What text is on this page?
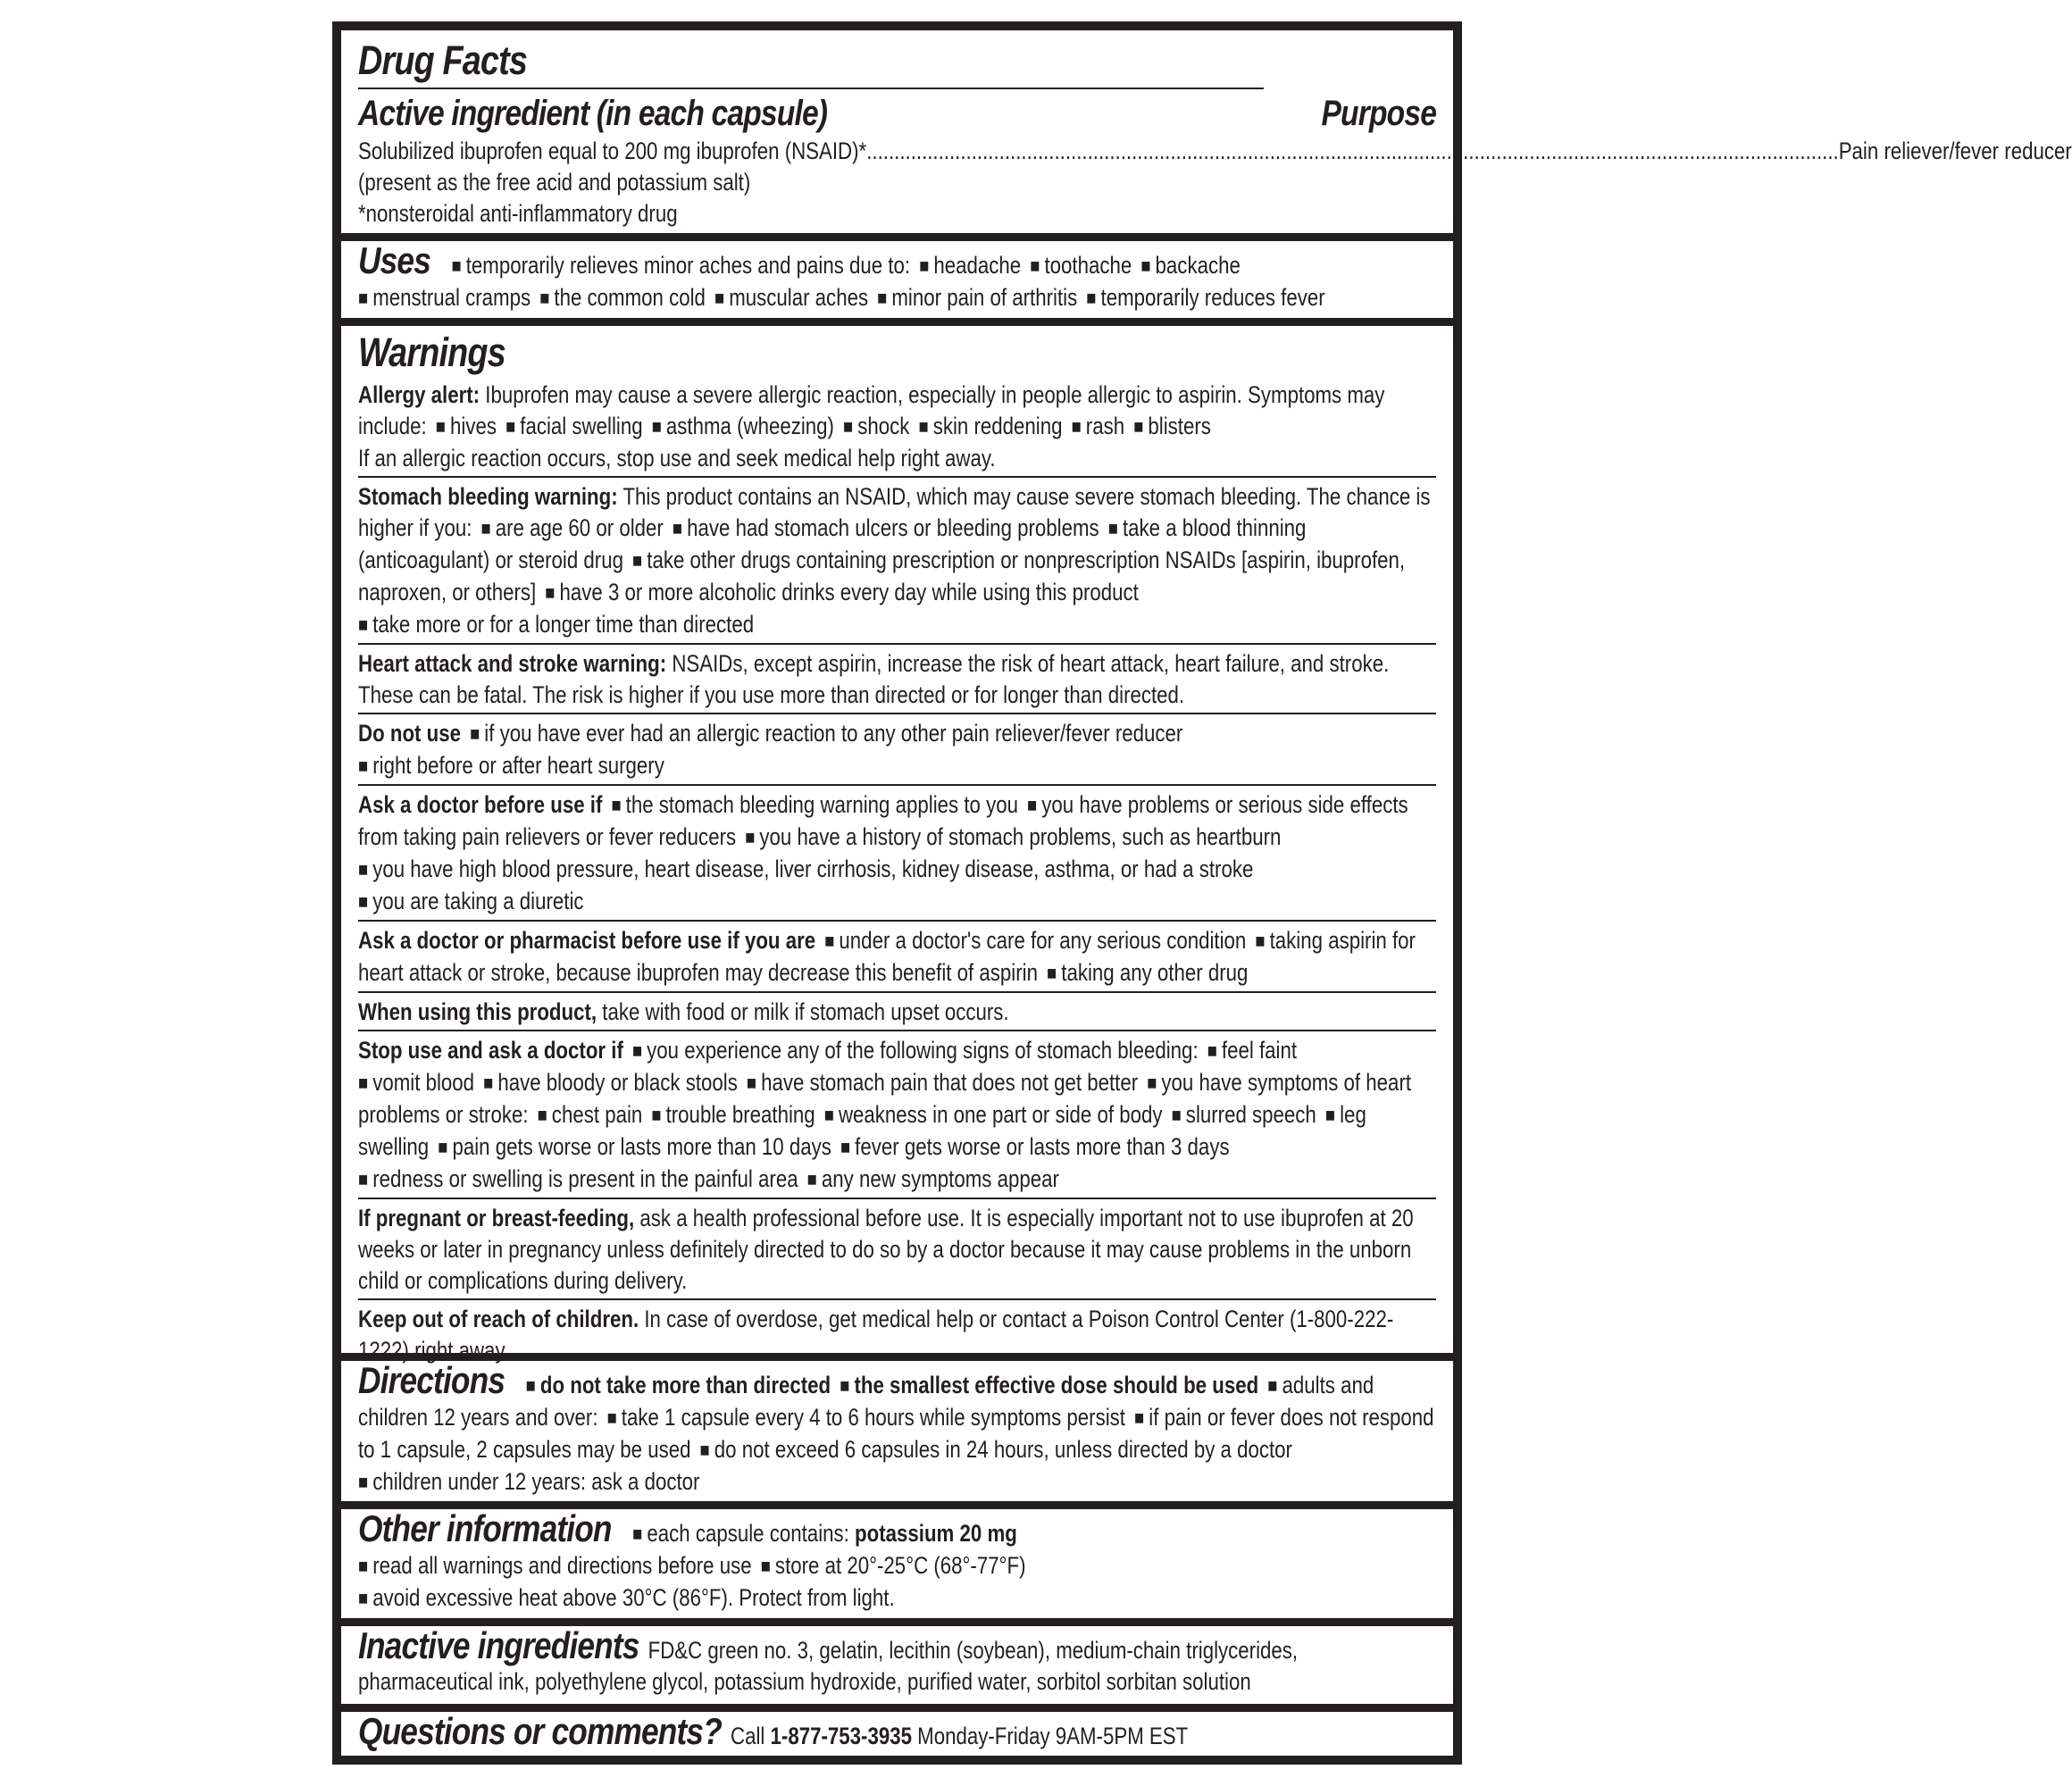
Drug Facts
Active ingredient (in each capsule)	Purpose
Solubilized ibuprofen equal to 200 mg ibuprofen (NSAID)* ................................................................................................................................................................................ Pain reliever/fever reducer
(present as the free acid and potassium salt)
*nonsteroidal anti-inflammatory drug
Uses ■ temporarily relieves minor aches and pains due to: ■ headache ■ toothache ■ backache
■ menstrual cramps ■ the common cold ■ muscular aches ■ minor pain of arthritis ■ temporarily reduces fever
Warnings
Allergy alert: Ibuprofen may cause a severe allergic reaction, especially in people allergic to aspirin. Symptoms may include: ■ hives ■ facial swelling ■ asthma (wheezing) ■ shock ■ skin reddening ■ rash ■ blisters
If an allergic reaction occurs, stop use and seek medical help right away.
Stomach bleeding warning: This product contains an NSAID, which may cause severe stomach bleeding. The chance is higher if you: ■ are age 60 or older ■ have had stomach ulcers or bleeding problems ■ take a blood thinning (anticoagulant) or steroid drug ■ take other drugs containing prescription or nonprescription NSAIDs [aspirin, ibuprofen, naproxen, or others] ■ have 3 or more alcoholic drinks every day while using this product
■ take more or for a longer time than directed
Heart attack and stroke warning: NSAIDs, except aspirin, increase the risk of heart attack, heart failure, and stroke. These can be fatal. The risk is higher if you use more than directed or for longer than directed.
Do not use ■ if you have ever had an allergic reaction to any other pain reliever/fever reducer
■ right before or after heart surgery
Ask a doctor before use if ■ the stomach bleeding warning applies to you ■ you have problems or serious side effects from taking pain relievers or fever reducers ■ you have a history of stomach problems, such as heartburn
■ you have high blood pressure, heart disease, liver cirrhosis, kidney disease, asthma, or had a stroke
■ you are taking a diuretic
Ask a doctor or pharmacist before use if you are ■ under a doctor's care for any serious condition ■ taking aspirin for heart attack or stroke, because ibuprofen may decrease this benefit of aspirin ■ taking any other drug
When using this product, take with food or milk if stomach upset occurs.
Stop use and ask a doctor if ■ you experience any of the following signs of stomach bleeding: ■ feel faint
■ vomit blood ■ have bloody or black stools ■ have stomach pain that does not get better ■ you have symptoms of heart problems or stroke: ■ chest pain ■ trouble breathing ■ weakness in one part or side of body ■ slurred speech ■ leg swelling ■ pain gets worse or lasts more than 10 days ■ fever gets worse or lasts more than 3 days
■ redness or swelling is present in the painful area ■ any new symptoms appear
If pregnant or breast-feeding, ask a health professional before use. It is especially important not to use ibuprofen at 20 weeks or later in pregnancy unless definitely directed to do so by a doctor because it may cause problems in the unborn child or complications during delivery.
Keep out of reach of children. In case of overdose, get medical help or contact a Poison Control Center (1-800-222-1222) right away.
Directions ■ do not take more than directed ■ the smallest effective dose should be used ■ adults and children 12 years and over: ■ take 1 capsule every 4 to 6 hours while symptoms persist ■ if pain or fever does not respond to 1 capsule, 2 capsules may be used ■ do not exceed 6 capsules in 24 hours, unless directed by a doctor
■ children under 12 years: ask a doctor
Other information ■ each capsule contains: potassium 20 mg
■ read all warnings and directions before use ■ store at 20°-25°C (68°-77°F)
■ avoid excessive heat above 30°C (86°F). Protect from light.
Inactive ingredients FD&C green no. 3, gelatin, lecithin (soybean), medium-chain triglycerides, pharmaceutical ink, polyethylene glycol, potassium hydroxide, purified water, sorbitol sorbitan solution
Questions or comments? Call 1-877-753-3935 Monday-Friday 9AM-5PM EST
